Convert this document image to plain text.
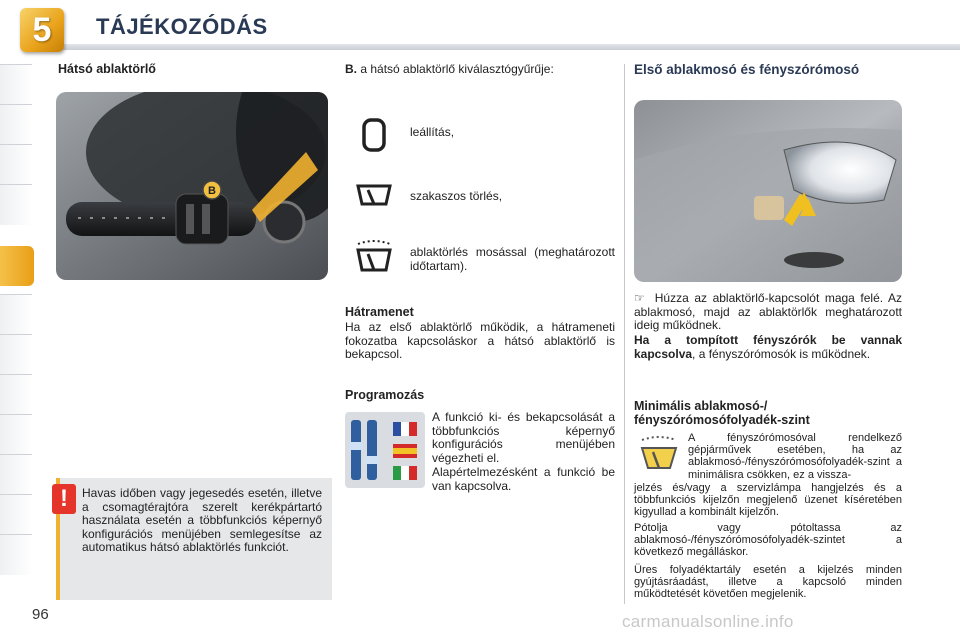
5	TÁJÉKOZÓDÁS
Hátsó ablaktörlő
B
!	Havas időben vagy jegesedés esetén, illetve a csomagtérajtóra szerelt kerékpártartó használata esetén a többfunkciós képernyő konfigurációs menüjében semlegesítse az automatikus hátsó ablaktörlés funkciót.
B. a hátsó ablaktörlő kiválasztógyűrűje:
leállítás,
szakaszos törlés,
ablaktörlés mosással (meghatározott időtartam).
Hátramenet
Ha az első ablaktörlő működik, a hátrameneti fokozatba kapcsoláskor a hátsó ablaktörlő is bekapcsol.
Programozás
A funkció ki- és bekapcsolását a többfunkciós képernyő konfigurációs menüjében végezheti el.
Alapértelmezésként a funkció be van kapcsolva.
Első ablakmosó és fényszórómosó
☞ Húzza az ablaktörlő-kapcsolót maga felé. Az ablakmosó, majd az ablaktörlők meghatározott ideig működnek.
Ha a tompított fényszórók be vannak kapcsolva, a fényszórómosók is működnek.
Minimális ablakmosó-/ fényszórómosófolyadék-szint
A fényszórómosóval rendelkező gépjárművek esetében, ha az ablakmosó-/fényszórómosófolyadék-szint a minimálisra csökken, ez a vissza-
jelzés és/vagy a szervizlámpa hangjelzés és a többfunkciós kijelzőn megjelenő üzenet kíséretében kigyullad a kombinált kijelzőn.
Pótolja vagy pótoltassa az ablakmosó-/fényszórómosófolyadék-szintet a következő megálláskor.
Üres folyadéktartály esetén a kijelzés minden gyújtásráadást, illetve a kapcsoló minden működtetését követően megjelenik.
96	carmanualsonline.info
